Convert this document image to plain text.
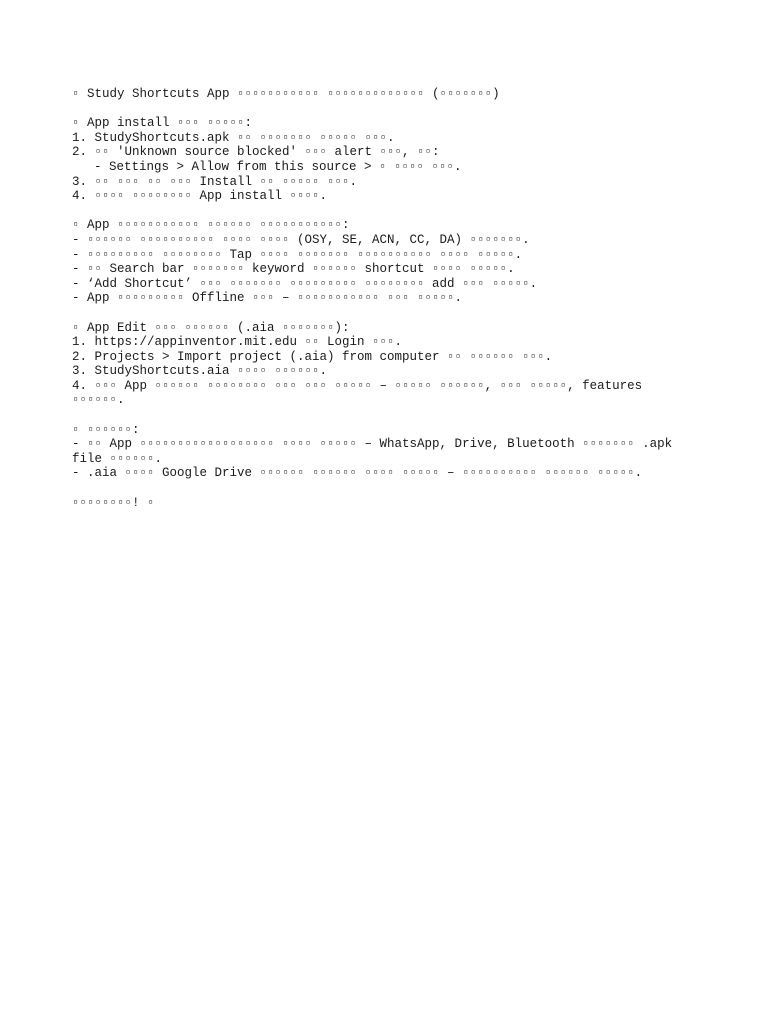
▫ Study Shortcuts App ▫▫▫▫▫▫▫▫▫▫▫ ▫▫▫▫▫▫▫▫▫▫▫▫▫ (▫▫▫▫▫▫▫)
▫ App install ▫▫▫ ▫▫▫▫▫:
1. StudyShortcuts.apk ▫▫ ▫▫▫▫▫▫▫ ▫▫▫▫▫ ▫▫▫.
2. ▫▫ 'Unknown source blocked' ▫▫▫ alert ▫▫▫, ▫▫:
- Settings > Allow from this source > ▫ ▫▫▫▫ ▫▫▫.
3. ▫▫ ▫▫▫ ▫▫ ▫▫▫ Install ▫▫ ▫▫▫▫▫ ▫▫▫.
4. ▫▫▫▫ ▫▫▫▫▫▫▫▫ App install ▫▫▫▫.
▫ App ▫▫▫▫▫▫▫▫▫▫▫ ▫▫▫▫▫▫ ▫▫▫▫▫▫▫▫▫▫▫:
- ▫▫▫▫▫▫ ▫▫▫▫▫▫▫▫▫▫ ▫▫▫▫ ▫▫▫▫ (OSY, SE, ACN, CC, DA) ▫▫▫▫▫▫▫.
- ▫▫▫▫▫▫▫▫▫ ▫▫▫▫▫▫▫▫ Tap ▫▫▫▫ ▫▫▫▫▫▫▫ ▫▫▫▫▫▫▫▫▫▫ ▫▫▫▫ ▫▫▫▫▫.
- ▫▫ Search bar ▫▫▫▫▫▫▫ keyword ▫▫▫▫▫▫ shortcut ▫▫▫▫ ▫▫▫▫▫.
- ‘Add Shortcut’ ▫▫▫ ▫▫▫▫▫▫▫ ▫▫▫▫▫▫▫▫▫ ▫▫▫▫▫▫▫▫ add ▫▫▫ ▫▫▫▫▫.
- App ▫▫▫▫▫▫▫▫▫ Offline ▫▫▫ – ▫▫▫▫▫▫▫▫▫▫▫ ▫▫▫ ▫▫▫▫▫.
▫ App Edit ▫▫▫ ▫▫▫▫▫▫ (.aia ▫▫▫▫▫▫▫):
1. https://appinventor.mit.edu ▫▫ Login ▫▫▫.
2. Projects > Import project (.aia) from computer ▫▫ ▫▫▫▫▫▫ ▫▫▫.
3. StudyShortcuts.aia ▫▫▫▫ ▫▫▫▫▫▫.
4. ▫▫▫ App ▫▫▫▫▫▫ ▫▫▫▫▫▫▫▫ ▫▫▫ ▫▫▫ ▫▫▫▫▫ – ▫▫▫▫▫ ▫▫▫▫▫▫, ▫▫▫ ▫▫▫▫▫, features ▫▫▫▫▫▫.
▫ ▫▫▫▫▫▫:
- ▫▫ App ▫▫▫▫▫▫▫▫▫▫▫▫▫▫▫▫▫▫ ▫▫▫▫ ▫▫▫▫▫ – WhatsApp, Drive, Bluetooth ▫▫▫▫▫▫▫ .apk file ▫▫▫▫▫▫.
- .aia ▫▫▫▫ Google Drive ▫▫▫▫▫▫ ▫▫▫▫▫▫ ▫▫▫▫ ▫▫▫▫▫ – ▫▫▫▫▫▫▫▫▫▫ ▫▫▫▫▫▫ ▫▫▫▫▫.
▫▫▫▫▫▫▫▫! ▫
